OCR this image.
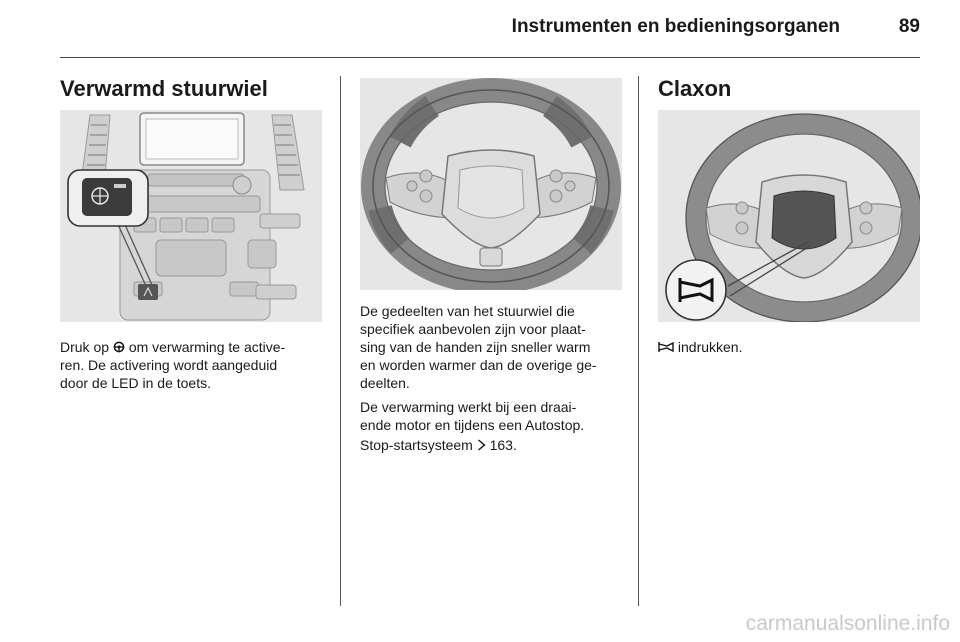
Instrumenten en bedieningsorganen	89
Verwarmd stuurwiel

Druk op om verwarming te active-
ren. De activering wordt aangeduid
door de LED in de toets.

De gedeelten van het stuurwiel die
specifiek aanbevolen zijn voor plaat-
sing van de handen zijn sneller warm
en worden warmer dan de overige ge-
deelten.

De verwarming werkt bij een draai-
ende motor en tijdens een Autostop.

Stop-startsysteem 163.

Claxon

indrukken.

carmanualsonline.info
